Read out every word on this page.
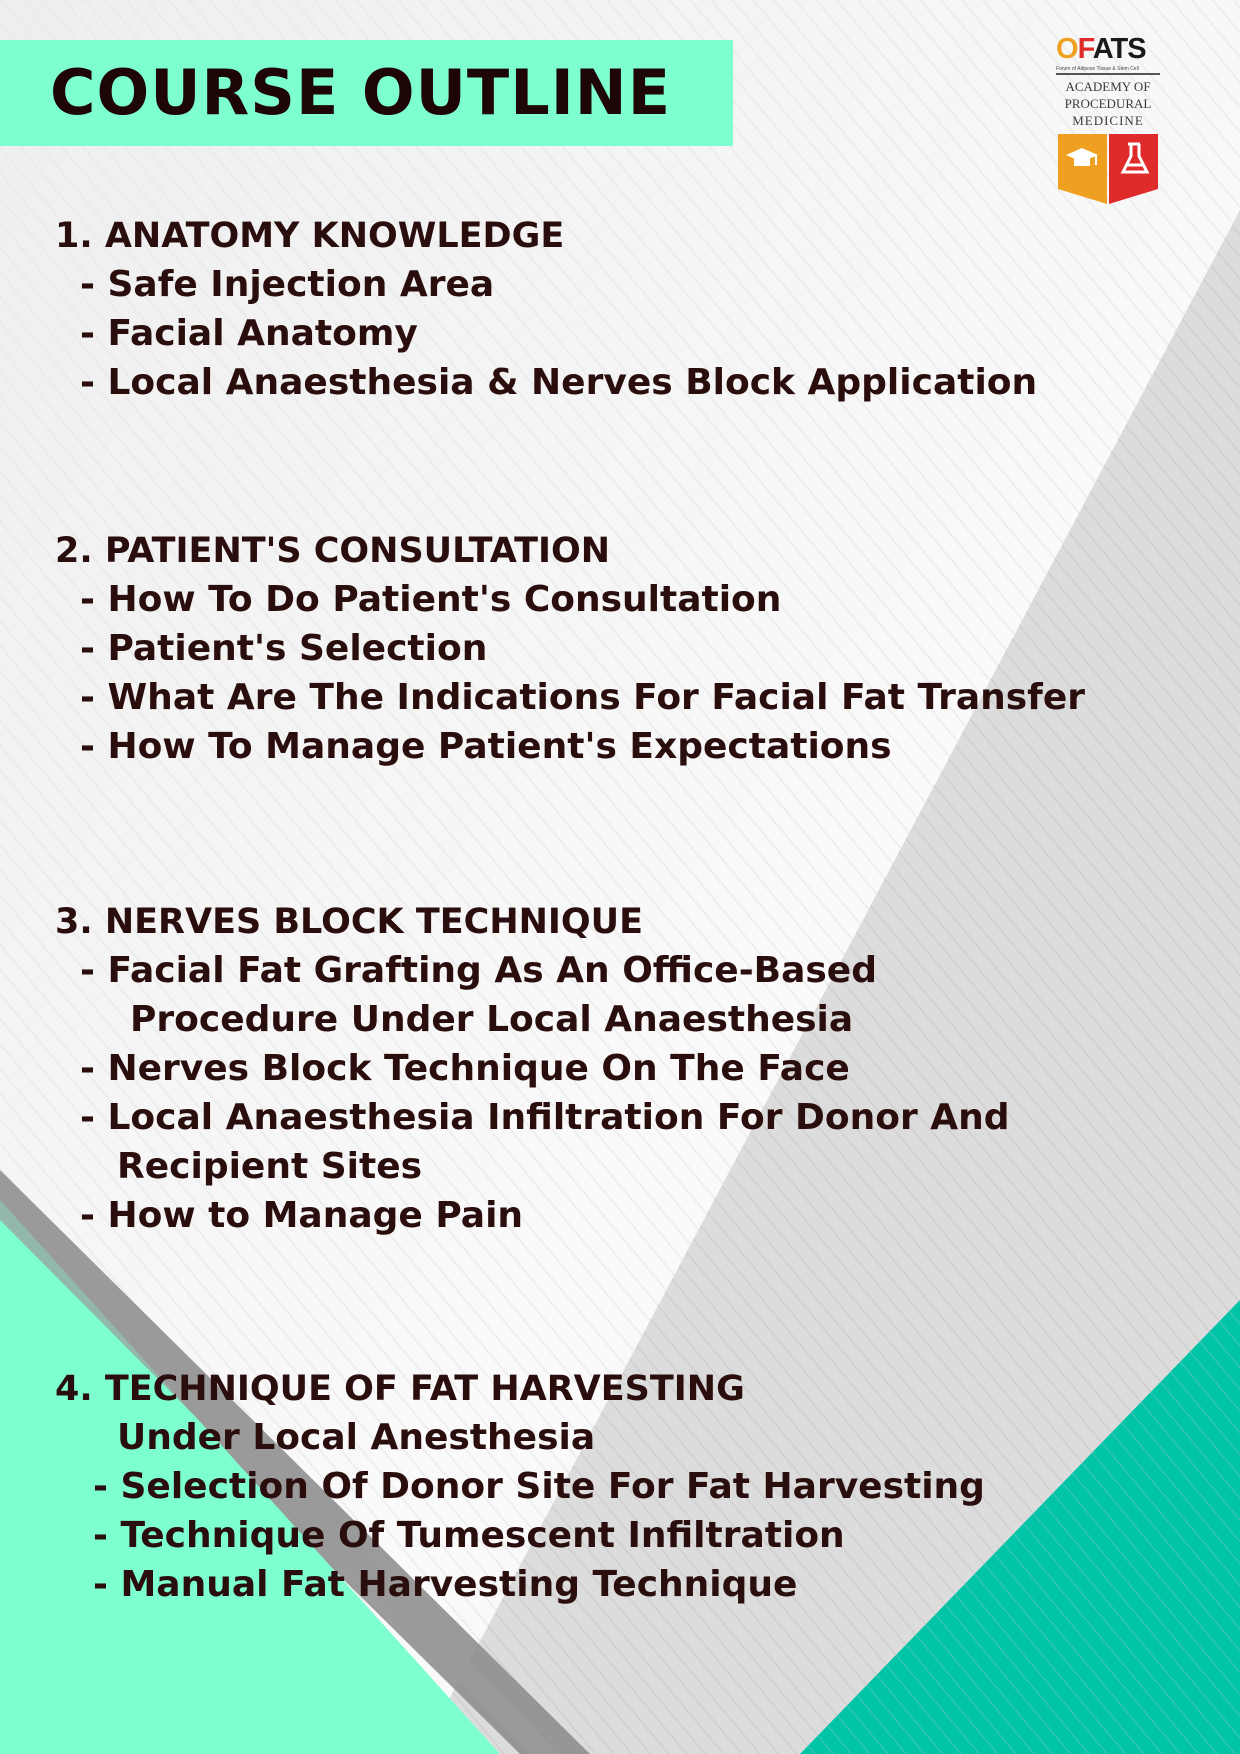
COURSE OUTLINE
OFATS
Forum of Adipose Tissue & Stem Cell
ACADEMY OF
PROCEDURAL
MEDICINE
1. ANATOMY KNOWLEDGE

- Safe Injection Area

- Facial Anatomy

- Local Anaesthesia & Nerves Block Application

2. PATIENT'S CONSULTATION

- How To Do Patient's Consultation

- Patient's Selection

- What Are The Indications For Facial Fat Transfer

- How To Manage Patient's Expectations

3. NERVES BLOCK TECHNIQUE

- Facial Fat Grafting As An Office-Based

Procedure Under Local Anaesthesia

- Nerves Block Technique On The Face

- Local Anaesthesia Infiltration For Donor And

Recipient Sites

- How to Manage Pain

4. TECHNIQUE OF FAT HARVESTING

Under Local Anesthesia

- Selection Of Donor Site For Fat Harvesting

- Technique Of Tumescent Infiltration

- Manual Fat Harvesting Technique
